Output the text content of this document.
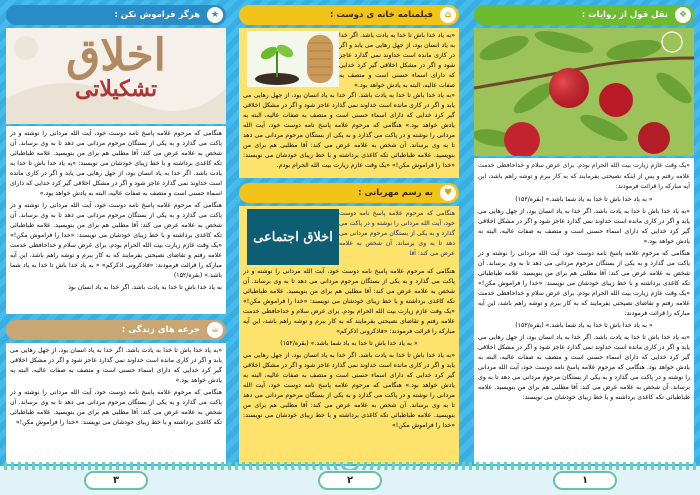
❖
نقل قول از روایات :

«یک وقت عازم زیارت بیت الله الحرام بودم. برای عرض سلام و خداحافظی خدمت علامه رفتم و پس از اینکه نصیحتی بفرمایند که به کار ببرم و توشه راهم باشد، این آیه مبارکه را قرائت فرمودند:

« به یاد خدا باش تا خدا به یاد شما باشد.» (بقره/۱۵۲)

«به یاد خدا باش تا خدا به یادت باشد. اگر خدا به یاد انسان بود، از جهل رهایی می یابد و اگر در کاری مانده است خداوند نمی گذارد عاجز شود و اگر در مشکل اخلاقی گیر کرد خدایی که دارای اسماء حسنی است و متصف به صفات عالیه، البته به یادش خواهد بود.»

هنگامی که مرحوم علامه پاسخ نامه دوست خود، آیت الله مردانی را نوشته و در پاکت می گذارد و به یکی از بستگان مرحوم مردانی می دهد تا به وی برساند. آن شخص به علامه عرض می کند: آقا مطلبی هم برای من بنویسید. علامه طباطبائی تکه کاغذی برداشته و با خط زیبای خودشان می نویسند: «خدا را فراموش مکن!» «یک وقت عازم زیارت بیت الله الحرام بودم. برای عرض سلام و خداحافظی خدمت علامه رفتم و تقاضای نصیحتی بفرمایند که به کار ببرم و توشه راهم باشد، این آیه مبارکه را قرائت فرمودند:

« به یاد خدا باش تا خدا به یاد شما باشد.» (بقره/۱۵۲)

«به یاد خدا باش تا خدا به یادت باشد. اگر خدا به یاد انسان بود، از جهل رهایی می یابد و اگر در کاری مانده است خداوند نمی گذارد عاجز شود و اگر در مشکل اخلاقی گیر کرد خدایی که دارای اسماء حسنی است و متصف به صفات عالیه، البته به یادش خواهد بود. هنگامی که مرحوم علامه پاسخ نامه دوست خود، آیت الله مردانی را نوشته و در پاکت می گذارد و به یکی از بستگان مرحوم مردانی می دهد تا به وی برساند. آن شخص به علامه عرض می کند: آقا مطلبی هم برای من بنویسید. علامه طباطبائی تکه کاغذی برداشته و با خط زیبای خودشان می نویسند:

⌂
فیلمنامه خانه ی دوست :

«به یاد خدا باش تا خدا به یادت باشد. اگر خدا به یاد انسان بود، از جهل رهایی می یابد و اگر در کاری مانده است خداوند نمی گذارد عاجز شود و اگر در مشکل اخلاقی گیر کرد خدایی که دارای اسماء حسنی است و متصف به صفات عالیه، البته به یادش خواهد بود.»

«به یاد خدا باش تا خدا به یادت باشد. اگر خدا به یاد انسان بود، از جهل رهایی می یابد و اگر در کاری مانده است خداوند نمی گذارد عاجز شود و اگر در مشکل اخلاقی گیر کرد خدایی که دارای اسماء حسنی است و متصف به صفات عالیه، البته به یادش خواهد بود.» هنگامی که مرحوم علامه پاسخ نامه دوست خود، آیت الله مردانی را نوشته و در پاکت می گذارد و به یکی از بستگان مرحوم مردانی می دهد تا به وی برساند. آن شخص به علامه عرض می کند: آقا مطلبی هم برای من بنویسید. علامه طباطبائی تکه کاغذی برداشته و با خط زیبای خودشان می نویسند: «خدا را فراموش مکن!» «یک وقت عازم زیارت بیت الله الحرام بودم.

♥
به رسم مهربانی :
اخلاق اجتماعی

هنگامی که مرحوم علامه پاسخ نامه دوست خود، آیت الله مردانی را نوشته و در پاکت می گذارد و به یکی از بستگان مرحوم مردانی می دهد تا به وی برساند. آن شخص به علامه عرض می کند: آقا

هنگامی که مرحوم علامه پاسخ نامه دوست خود، آیت الله مردانی را نوشته و در پاکت می گذارد و به یکی از بستگان مرحوم مردانی می دهد تا به وی برساند. آن شخص به علامه عرض می کند: آقا مطلبی هم برای من بنویسید. علامه طباطبائی تکه کاغذی برداشته و با خط زیبای خودشان می نویسند: «خدا را فراموش مکن!» «یک وقت عازم زیارت بیت الله الحرام بودم. برای عرض سلام و خداحافظی خدمت علامه رفتم و تقاضای نصیحتی بفرمایند که به کار ببرم و توشه راهم باشد، این آیه مبارکه را قرائت فرمودند: «فاذکرونی اذکرکم»

« به یاد خدا باش تا خدا به یاد شما باشد.» (بقره/۱۵۲)

«به یاد خدا باش تا خدا به یادت باشد. اگر خدا به یاد انسان بود، از جهل رهایی می یابد و اگر در کاری مانده است خداوند نمی گذارد عاجز شود و اگر در مشکل اخلاقی گیر کرد خدایی که دارای اسماء حسنی است و متصف به صفات عالیه، البته به یادش خواهد بود.» هنگامی که مرحوم علامه پاسخ نامه دوست خود، آیت الله مردانی را نوشته و در پاکت می گذارد و به یکی از بستگان مرحوم مردانی می دهد تا به وی برساند. آن شخص به علامه عرض می کند: آقا مطلبی هم برای من بنویسید. علامه طباطبائی تکه کاغذی برداشته و با خط زیبای خودشان می نویسند: «خدا را فراموش مکن!»

★
هرگز فراموش نکن :
اخلاق
تشکیلاتی

هنگامی که مرحوم علامه پاسخ نامه دوست خود، آیت الله مردانی را نوشته و در پاکت می گذارد و به یکی از بستگان مرحوم مردانی می دهد تا به وی برساند. آن شخص به علامه عرض می کند: آقا مطلبی هم برای من بنویسید. علامه طباطبائی تکه کاغذی برداشته و با خط زیبای خودشان می نویسند: «به یاد خدا باش تا خدا به یادت باشد. اگر خدا به یاد انسان بود، از جهل رهایی می یابد و اگر در کاری مانده است خداوند نمی گذارد عاجز شود و اگر در مشکل اخلاقی گیر کرد خدایی که دارای اسماء حسنی است و متصف به صفات عالیه، البته به یادش خواهد بود.»

هنگامی که مرحوم علامه پاسخ نامه دوست خود، آیت الله مردانی را نوشته و در پاکت می گذارد و به یکی از بستگان مرحوم مردانی می دهد تا به وی برساند. آن شخص به علامه عرض می کند: آقا مطلبی هم برای من بنویسید. علامه طباطبائی تکه کاغذی برداشته و با خط زیبای خودشان می نویسند: «خدا را فراموش مکن!» «یک وقت عازم زیارت بیت الله الحرام بودم. برای عرض سلام و خداحافظی خدمت علامه رفتم و تقاضای نصیحتی بفرمایند که به کار ببرم و توشه راهم باشد، این آیه مبارکه را قرائت فرمودند: «فاذکرونی اذکرکم» « به یاد خدا باش تا خدا به یاد شما باشد.» (بقره/۱۵۲)

به یاد خدا باش تا خدا به یادت باشد. اگر خدا به یاد انسان بود

☕
جرعه های زندگی :

«به یاد خدا باش تا خدا به یادت باشد. اگر خدا به یاد انسان بود، از جهل رهایی می یابد و اگر در کاری مانده است خداوند نمی گذارد عاجز شود و اگر در مشکل اخلاقی گیر کرد خدایی که دارای اسماء حسنی است و متصف به صفات عالیه، البته به یادش خواهد بود.»

هنگامی که مرحوم علامه پاسخ نامه دوست خود، آیت الله مردانی را نوشته و در پاکت می گذارد و به یکی از بستگان مرحوم مردانی می دهد تا به وی برساند. آن شخص به علامه عرض می کند: آقا مطلبی هم برای من بنویسید. علامه طباطبائی تکه کاغذی برداشته و با خط زیبای خودشان می نویسند: «خدا را فراموش مکن!»

۱
۲
۳
